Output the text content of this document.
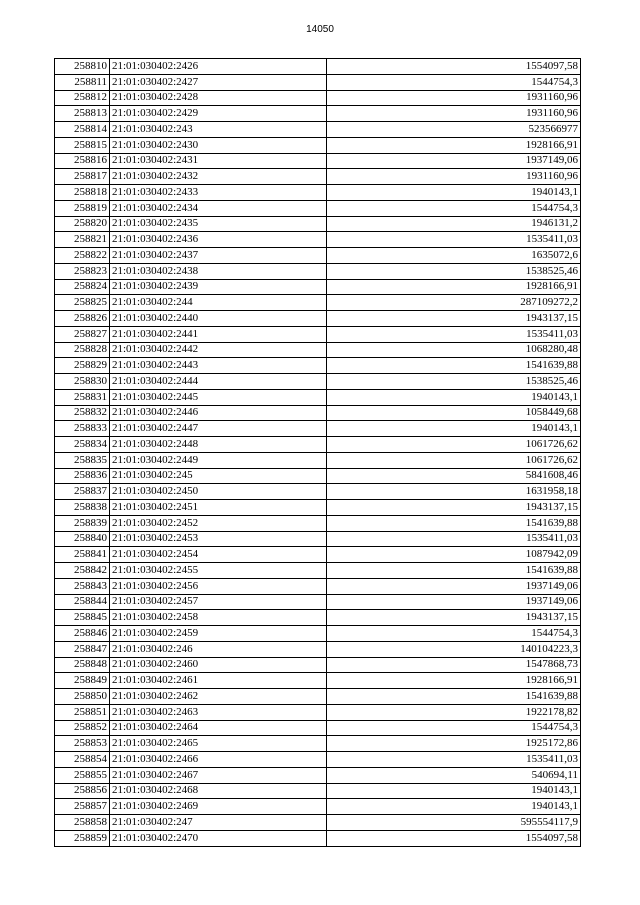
14050
258810	21:01:030402:2426	1554097,58
258811	21:01:030402:2427	1544754,3
258812	21:01:030402:2428	1931160,96
258813	21:01:030402:2429	1931160,96
258814	21:01:030402:243	523566977
258815	21:01:030402:2430	1928166,91
258816	21:01:030402:2431	1937149,06
258817	21:01:030402:2432	1931160,96
258818	21:01:030402:2433	1940143,1
258819	21:01:030402:2434	1544754,3
258820	21:01:030402:2435	1946131,2
258821	21:01:030402:2436	1535411,03
258822	21:01:030402:2437	1635072,6
258823	21:01:030402:2438	1538525,46
258824	21:01:030402:2439	1928166,91
258825	21:01:030402:244	287109272,2
258826	21:01:030402:2440	1943137,15
258827	21:01:030402:2441	1535411,03
258828	21:01:030402:2442	1068280,48
258829	21:01:030402:2443	1541639,88
258830	21:01:030402:2444	1538525,46
258831	21:01:030402:2445	1940143,1
258832	21:01:030402:2446	1058449,68
258833	21:01:030402:2447	1940143,1
258834	21:01:030402:2448	1061726,62
258835	21:01:030402:2449	1061726,62
258836	21:01:030402:245	5841608,46
258837	21:01:030402:2450	1631958,18
258838	21:01:030402:2451	1943137,15
258839	21:01:030402:2452	1541639,88
258840	21:01:030402:2453	1535411,03
258841	21:01:030402:2454	1087942,09
258842	21:01:030402:2455	1541639,88
258843	21:01:030402:2456	1937149,06
258844	21:01:030402:2457	1937149,06
258845	21:01:030402:2458	1943137,15
258846	21:01:030402:2459	1544754,3
258847	21:01:030402:246	140104223,3
258848	21:01:030402:2460	1547868,73
258849	21:01:030402:2461	1928166,91
258850	21:01:030402:2462	1541639,88
258851	21:01:030402:2463	1922178,82
258852	21:01:030402:2464	1544754,3
258853	21:01:030402:2465	1925172,86
258854	21:01:030402:2466	1535411,03
258855	21:01:030402:2467	540694,11
258856	21:01:030402:2468	1940143,1
258857	21:01:030402:2469	1940143,1
258858	21:01:030402:247	595554117,9
258859	21:01:030402:2470	1554097,58
